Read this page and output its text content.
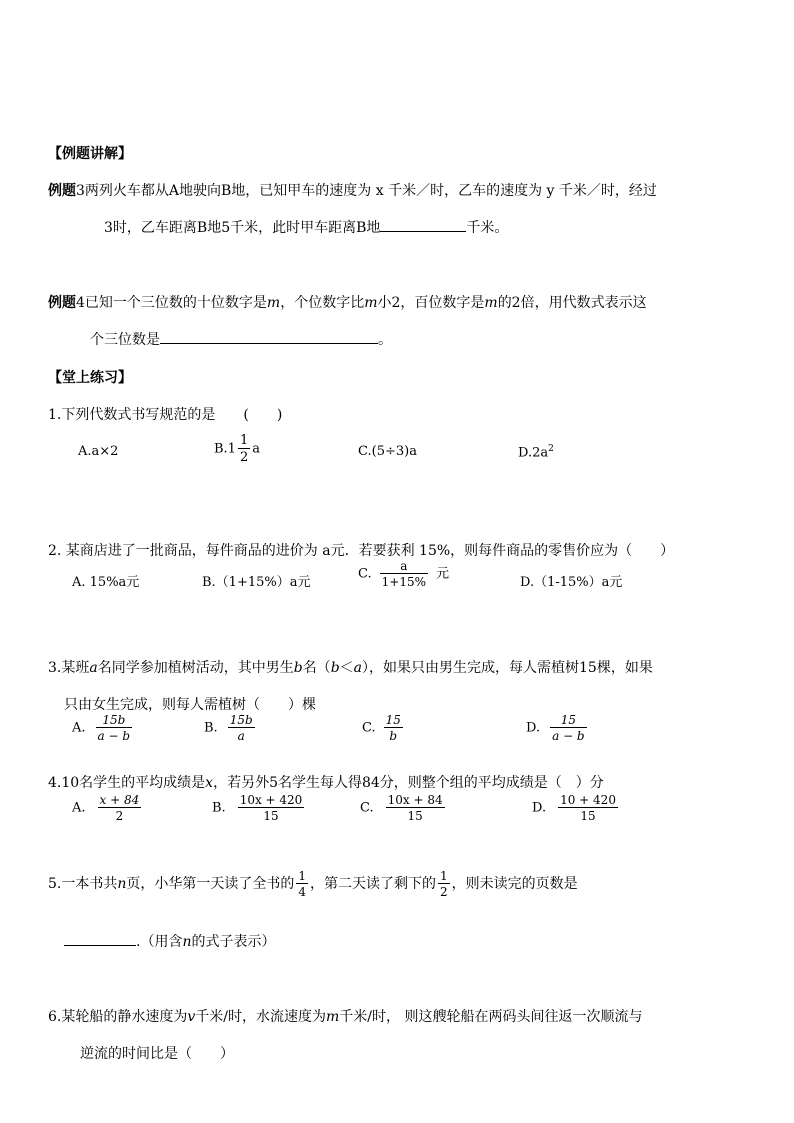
【例题讲解】
例题3两列火车都从A地驶向B地，已知甲车的速度为 x 千米／时，乙车的速度为 y 千米／时，经过
3时，乙车距离B地5千米，此时甲车距离B地	千米。
例题4已知一个三位数的十位数字是m，个位数字比m小2，百位数字是m的2倍，用代数式表示这
个三位数是	。
【堂上练习】
1.下列代数式书写规范的是　　(　　)
A.a×2	$B.1 \frac{1}{2}$ a	C.(5÷3)a	$D.2a^2$
2. 某商店进了一批商品，每件商品的进价为 a元．若要获利 15%，则每件商品的零售价应为（　　）
A. 15%a元	B.（1+15%）a元
C. $\frac{a}{1+15\%}$ 元
D.（1-15%）a元
3.某班a名同学参加植树活动，其中男生b名（b＜a），如果只由男生完成，每人需植树15棵，如果
只由女生完成，则每人需植树（　　）棵
A. $\frac{15b}{a - b}$	B. $\frac{15b}{a}$	C. $\frac{15}{b}$	D. $\frac{15}{a - b}$
4.10名学生的平均成绩是x，若另外5名学生每人得84分，则整个组的平均成绩是（　）分
A. $\frac{x + 84}{2}$	B. $\frac{10x + 420}{15}$	C. $\frac{10x + 84}{15}$	D. $\frac{10 + 420}{15}$
5.一本书共n页，小华第一天读了全书的 $\frac{1}{4}$ ，第二天读了剩下的 $\frac{1}{2}$ ，则未读完的页数是
.（用含n的式子表示）
6.某轮船的静水速度为v千米/时，水流速度为m千米/时， 则这艘轮船在两码头间往返一次顺流与
逆流的时间比是（　　）
